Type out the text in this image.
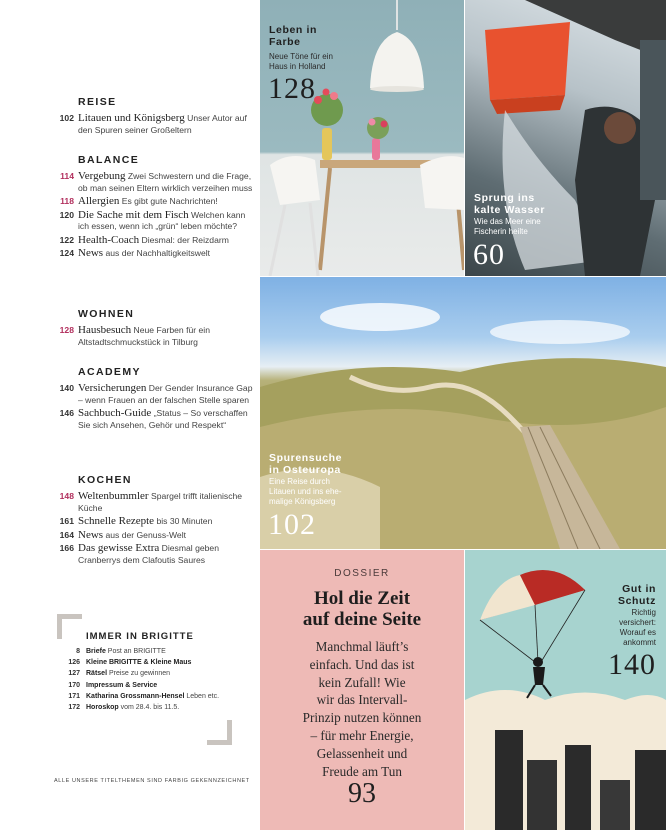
REISE
102 Litauen und Königsberg Unser Autor auf den Spuren seiner Großeltern
BALANCE
114 Vergebung Zwei Schwestern und die Frage, ob man seinen Eltern wirklich verzeihen muss
118 Allergien Es gibt gute Nachrichten!
120 Die Sache mit dem Fisch Welchen kann ich essen, wenn ich „grün“ leben möchte?
122 Health-Coach Diesmal: der Reizdarm
124 News aus der Nachhaltigkeitswelt
WOHNEN
128 Hausbesuch Neue Farben für ein Altstadtschmuckstück in Tilburg
ACADEMY
140 Versicherungen Der Gender Insurance Gap – wenn Frauen an der falschen Stelle sparen
146 Sachbuch-Guide „Status – So verschaffen Sie sich Ansehen, Gehör und Respekt“
KOCHEN
148 Weltenbummler Spargel trifft italienische Küche
161 Schnelle Rezepte bis 30 Minuten
164 News aus der Genuss-Welt
166 Das gewisse Extra Diesmal geben Cranberrys dem Clafoutis Saures
IMMER IN BRIGITTE
8 Briefe Post an BRIGITTE
126 Kleine BRIGITTE & Kleine Maus
127 Rätsel Preise zu gewinnen
170 Impressum & Service
171 Katharina Grossmann-Hensel Leben etc.
172 Horoskop vom 28.4. bis 11.5.
ALLE UNSERE TITELTHEMEN SIND FARBIG GEKENNZEICHNET
Leben in
Farbe
Neue Töne für ein
Haus in Holland
128
Sprung ins
kalte Wasser
Wie das Meer eine
Fischerin heilte
60
Spurensuche
in Osteuropa
Eine Reise durch
Litauen und ins ehe-
malige Königsberg
102
DOSSIER
Hol die Zeit
auf deine Seite
Manchmal läuft’s
einfach. Und das ist
kein Zufall! Wie
wir das Intervall-
Prinzip nutzen können
– für mehr Energie,
Gelassenheit und
Freude am Tun
93
Gut in
Schutz
Richtig
versichert:
Worauf es
ankommt
140
